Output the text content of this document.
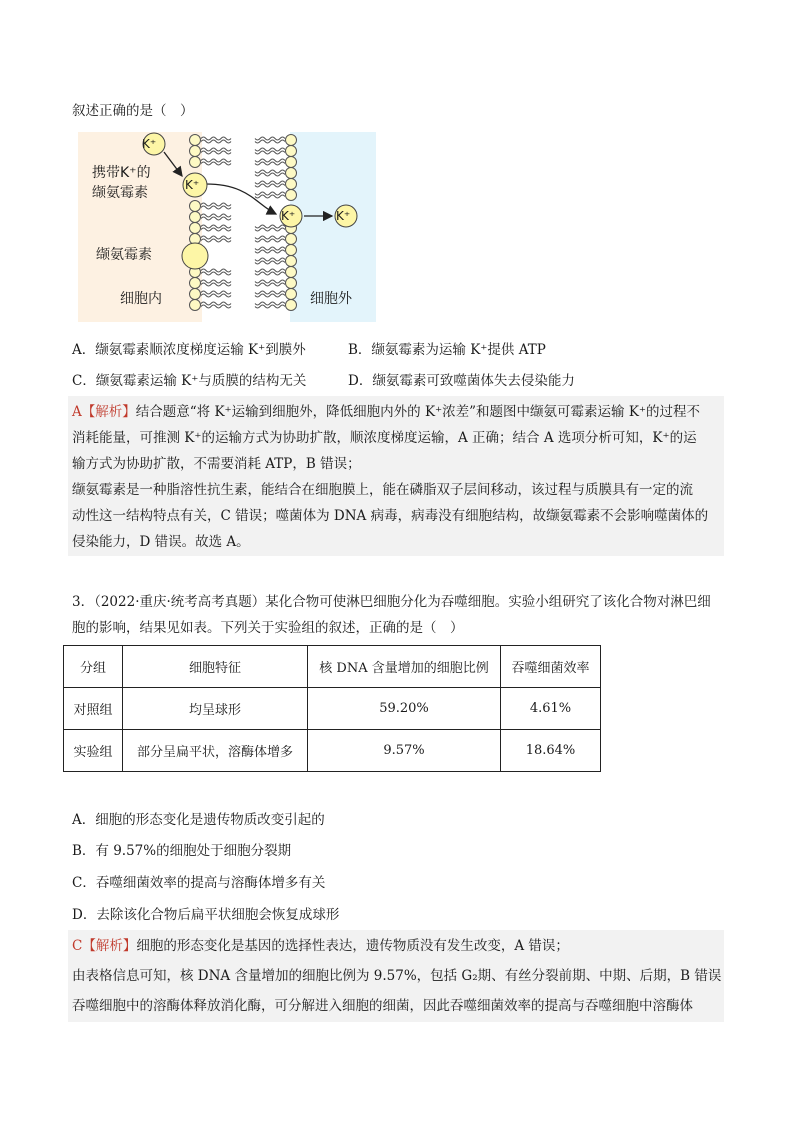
叙述正确的是（　）
K⁺
K⁺
K⁺	K⁺
携带K⁺的
缬氨霉素
缬氨霉素
细胞内	细胞外
A．缬氨霉素顺浓度梯度运输 K⁺到膜外	B．缬氨霉素为运输 K⁺提供 ATP
C．缬氨霉素运输 K⁺与质膜的结构无关	D．缬氨霉素可致噬菌体失去侵染能力
A【解析】结合题意“将 K⁺运输到细胞外，降低细胞内外的 K⁺浓差”和题图中缬氨可霉素运输 K⁺的过程不
消耗能量，可推测 K⁺的运输方式为协助扩散，顺浓度梯度运输，A 正确；结合 A 选项分析可知，K⁺的运
输方式为协助扩散，不需要消耗 ATP，B 错误；
缬氨霉素是一种脂溶性抗生素，能结合在细胞膜上，能在磷脂双子层间移动，该过程与质膜具有一定的流
动性这一结构特点有关，C 错误；噬菌体为 DNA 病毒，病毒没有细胞结构，故缬氨霉素不会影响噬菌体的
侵染能力，D 错误。故选 A。
3．（2022·重庆·统考高考真题）某化合物可使淋巴细胞分化为吞噬细胞。实验小组研究了该化合物对淋巴细
胞的影响，结果见如表。下列关于实验组的叙述，正确的是（　）
分组	细胞特征	核 DNA 含量增加的细胞比例	吞噬细菌效率
对照组	均呈球形	59.20%	4.61%
实验组	部分呈扁平状，溶酶体增多	9.57%	18.64%
A．细胞的形态变化是遗传物质改变引起的
B．有 9.57%的细胞处于细胞分裂期
C．吞噬细菌效率的提高与溶酶体增多有关
D．去除该化合物后扁平状细胞会恢复成球形
C【解析】细胞的形态变化是基因的选择性表达，遗传物质没有发生改变，A 错误；
由表格信息可知，核 DNA 含量增加的细胞比例为 9.57%，包括 G₂期、有丝分裂前期、中期、后期，B 错误
吞噬细胞中的溶酶体释放消化酶，可分解进入细胞的细菌，因此吞噬细菌效率的提高与吞噬细胞中溶酶体
